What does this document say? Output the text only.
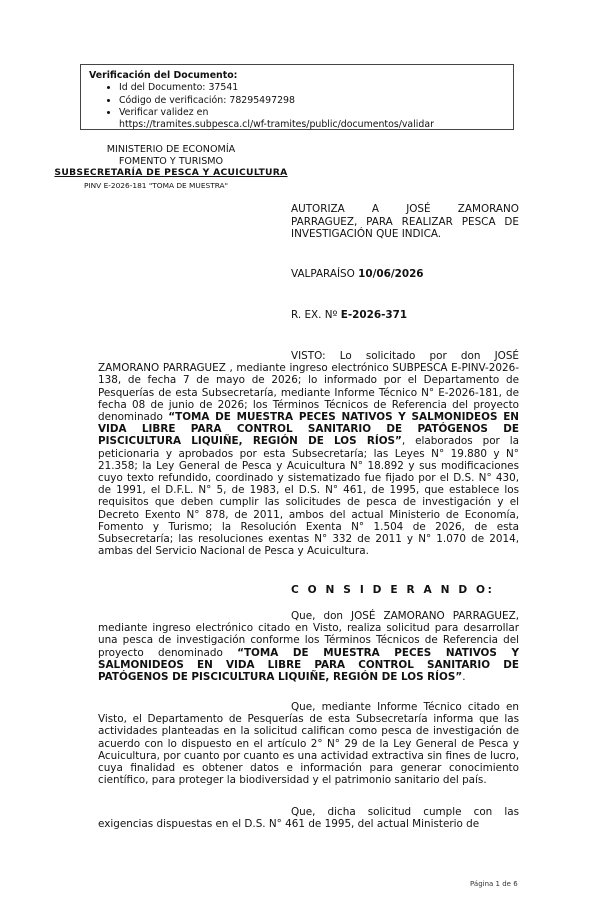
Verificación del Documento:
• Id del Documento: 37541
• Código de verificación: 78295497298
• Verificar validez en
https://tramites.subpesca.cl/wf-tramites/public/documentos/validar
MINISTERIO DE ECONOMÍA
FOMENTO Y TURISMO
SUBSECRETARÍA DE PESCA Y ACUICULTURA
PINV E-2026-181 "TOMA DE MUESTRA"
AUTORIZA A JOSÉ ZAMORANO
PARRAGUEZ, PARA REALIZAR PESCA DE INVESTIGACIÓN QUE INDICA.
VALPARAÍSO 10/06/2026
R. EX. Nº E-2026-371

VISTO: Lo solicitado por don JOSÉ ZAMORANO PARRAGUEZ , mediante ingreso electrónico SUBPESCA E-PINV-2026-138, de fecha 7 de mayo de 2026; lo informado por el Departamento de Pesquerías de esta Subsecretaría, mediante Informe Técnico N° E-2026-181, de fecha 08 de junio de 2026; los Términos Técnicos de Referencia del proyecto denominado “TOMA DE MUESTRA PECES NATIVOS Y SALMONIDEOS EN VIDA LIBRE PARA CONTROL SANITARIO DE PATÓGENOS DE PISCICULTURA LIQUIÑE, REGIÓN DE LOS RÍOS”, elaborados por la peticionaria y aprobados por esta Subsecretaría; las Leyes N° 19.880 y N° 21.358; la Ley General de Pesca y Acuicultura N° 18.892 y sus modificaciones cuyo texto refundido, coordinado y sistematizado fue fijado por el D.S. N° 430, de 1991, el D.F.L. N° 5, de 1983, el D.S. N° 461, de 1995, que establece los requisitos que deben cumplir las solicitudes de pesca de investigación y el Decreto Exento N° 878, de 2011, ambos del actual Ministerio de Economía, Fomento y Turismo; la Resolución Exenta N° 1.504 de 2026, de esta Subsecretaría; las resoluciones exentas N° 332 de 2011 y N° 1.070 de 2014, ambas del Servicio Nacional de Pesca y Acuicultura.

C O N S I D E R A N D O:

Que, don JOSÉ ZAMORANO PARRAGUEZ, mediante ingreso electrónico citado en Visto, realiza solicitud para desarrollar una pesca de investigación conforme los Términos Técnicos de Referencia del proyecto denominado “TOMA DE MUESTRA PECES NATIVOS Y SALMONIDEOS EN VIDA LIBRE PARA CONTROL SANITARIO DE PATÓGENOS DE PISCICULTURA LIQUIÑE, REGIÓN DE LOS RÍOS”.

Que, mediante Informe Técnico citado en Visto, el Departamento de Pesquerías de esta Subsecretaría informa que las actividades planteadas en la solicitud califican como pesca de investigación de acuerdo con lo dispuesto en el artículo 2° N° 29 de la Ley General de Pesca y Acuicultura, por cuanto por cuanto es una actividad extractiva sin fines de lucro, cuya finalidad es obtener datos e información para generar conocimiento científico, para proteger la biodiversidad y el patrimonio sanitario del país.

Que, dicha solicitud cumple con las exigencias dispuestas en el D.S. N° 461 de 1995, del actual Ministerio de

Página 1 de 6
